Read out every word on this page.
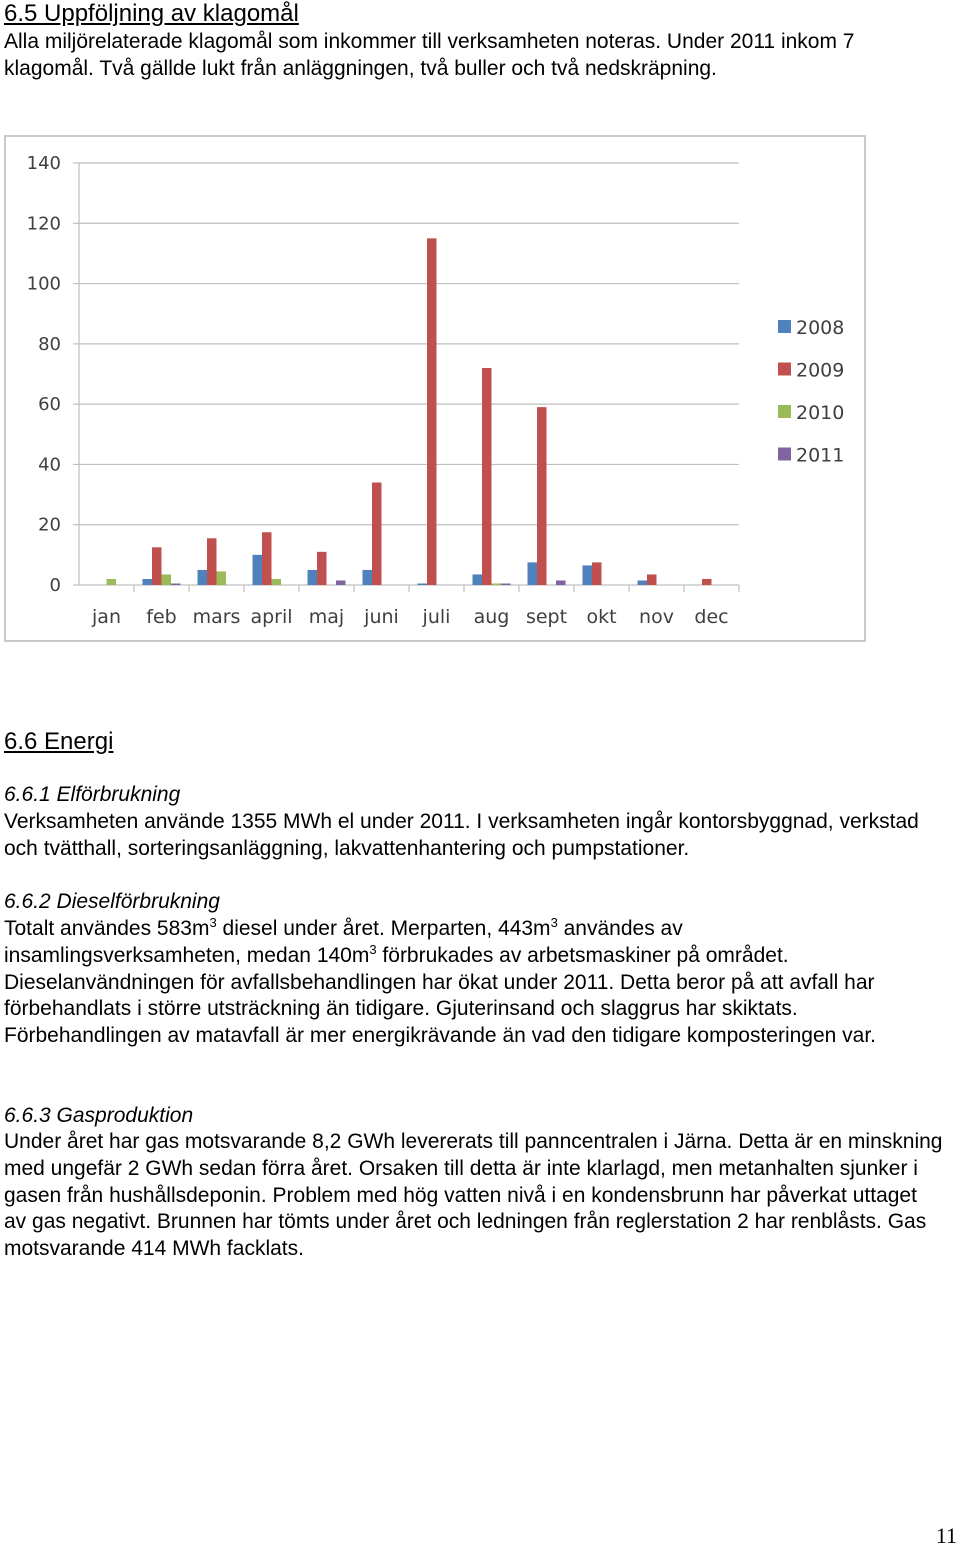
6.5 Uppföljning av klagomål
Alla miljörelaterade klagomål som inkommer till verksamheten noteras. Under 2011 inkom 7 klagomål. Två gällde lukt från anläggningen, två buller och två nedskräpning.
0
20
40
60
80
100
120
140
jan feb mars april maj juni juli aug sept okt nov dec
2008
2009
2010
2011
6.6 Energi
6.6.1 Elförbrukning
Verksamheten använde 1355 MWh el under 2011. I verksamheten ingår kontorsbyggnad, verkstad och tvätthall, sorteringsanläggning, lakvattenhantering och pumpstationer.
6.6.2 Dieselförbrukning
Totalt användes $583m^3$ diesel under året. Merparten, $443m^3$ användes av
insamlingsverksamheten, medan $140m^3$ förbrukades av arbetsmaskiner på området.
Dieselanvändningen för avfallsbehandlingen har ökat under 2011. Detta beror på att avfall har förbehandlats i större utsträckning än tidigare. Gjuterinsand och slaggrus har skiktats. Förbehandlingen av matavfall är mer energikrävande än vad den tidigare komposteringen var.
6.6.3 Gasproduktion
Under året har gas motsvarande 8,2 GWh levererats till panncentralen i Järna. Detta är en minskning med ungefär 2 GWh sedan förra året. Orsaken till detta är inte klarlagd, men metanhalten sjunker i gasen från hushållsdeponin. Problem med hög vatten nivå i en kondensbrunn har påverkat uttaget av gas negativt. Brunnen har tömts under året och ledningen från reglerstation 2 har renblåsts. Gas motsvarande 414 MWh facklats.
11
